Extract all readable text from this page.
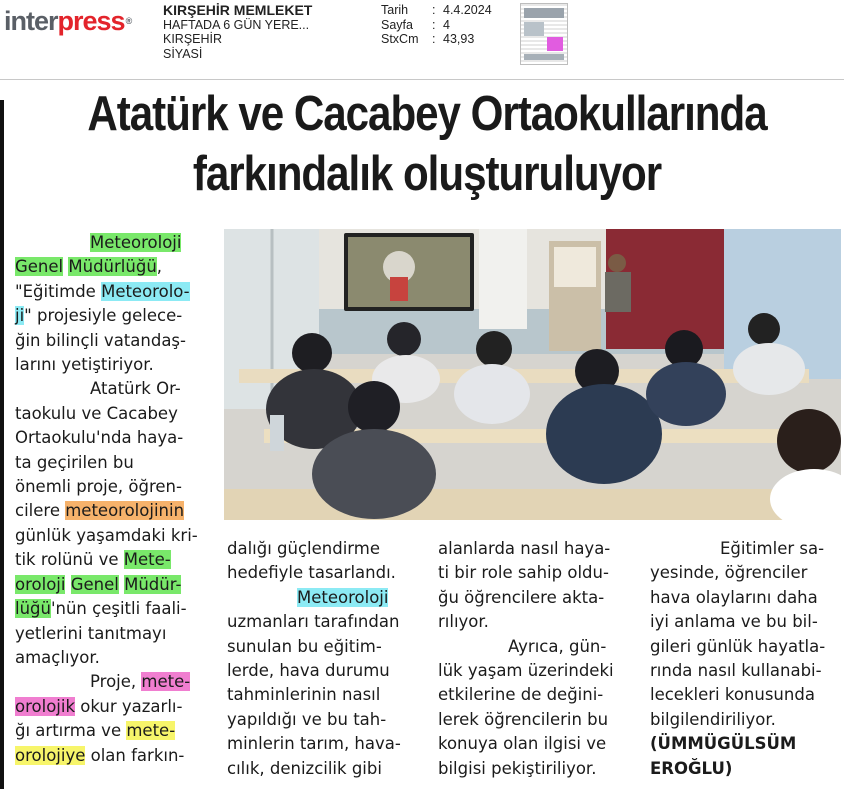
interpress®
KIRŞEHİR MEMLEKET
HAFTADA 6 GÜN YERE...
KIRŞEHİR
SİYASİ
Tarih
Sayfa
StxCm
:
:
:
4.4.2024
4
43,93
Atatürk ve Cacabey Ortaokullarında
farkındalık oluşturuluyor

Meteoroloji

Genel Müdürlüğü,

"Eğitimde Meteorolo-

ji" projesiyle gelece-

ğin bilinçli vatandaş-

larını yetiştiriyor.

Atatürk Or-

taokulu ve Cacabey

Ortaokulu'nda haya-

ta geçirilen bu

önemli proje, öğren-

cilere meteorolojinin

günlük yaşamdaki kri-

tik rolünü ve Mete-

oroloji Genel Müdür-

lüğü'nün çeşitli faali-

yetlerini tanıtmayı

amaçlıyor.

Proje, mete-

orolojik okur yazarlı-

ğı artırma ve mete-

orolojiye olan farkın-

dalığı güçlendirme

hedefiyle tasarlandı.

Meteoroloji

uzmanları tarafından

sunulan bu eğitim-

lerde, hava durumu

tahminlerinin nasıl

yapıldığı ve bu tah-

minlerin tarım, hava-

cılık, denizcilik gibi

alanlarda nasıl haya-

ti bir role sahip oldu-

ğu öğrencilere akta-

rılıyor.

Ayrıca, gün-

lük yaşam üzerindeki

etkilerine de değini-

lerek öğrencilerin bu

konuya olan ilgisi ve

bilgisi pekiştiriliyor.

Eğitimler sa-

yesinde, öğrenciler

hava olaylarını daha

iyi anlama ve bu bil-

gileri günlük hayatla-

rında nasıl kullanabi-

lecekleri konusunda

bilgilendiriliyor.

(ÜMMÜGÜLSÜM

EROĞLU)
